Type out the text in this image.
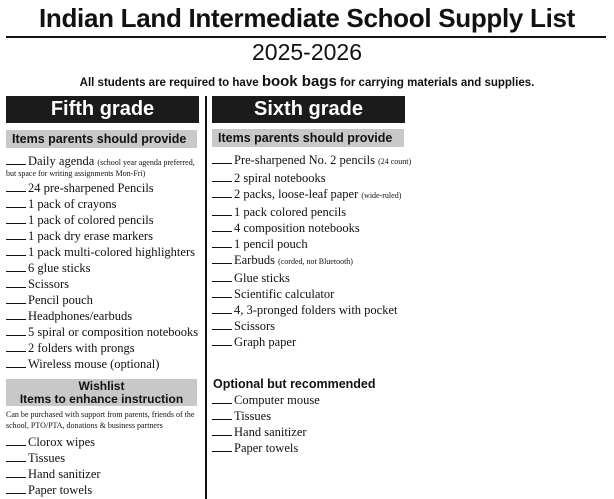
Indian Land Intermediate School Supply List
2025-2026
All students are required to have book bags for carrying materials and supplies.
Fifth grade	Sixth grade
Items parents should provide
Daily agenda (school year agenda preferred, but space for writing assignments Mon-Fri)
24 pre-sharpened Pencils
1 pack of crayons
1 pack of colored pencils
1 pack dry erase markers
1 pack multi-colored highlighters
6 glue sticks
Scissors
Pencil pouch
Headphones/earbuds
5 spiral or composition notebooks
2 folders with prongs
Wireless mouse (optional)
Wishlist
Items to enhance instruction
Can be purchased with support from parents, friends of the school, PTO/PTA, donations & business partners
Clorox wipes
Tissues
Hand sanitizer
Paper towels
Items parents should provide
Pre-sharpened No. 2 pencils (24 count)
2 spiral notebooks
2 packs, loose-leaf paper (wide-ruled)
1 pack colored pencils
4 composition notebooks
1 pencil pouch
Earbuds (corded, not Bluetooth)
Glue sticks
Scientific calculator
4, 3-pronged folders with pocket
Scissors
Graph paper
Optional but recommended
Computer mouse
Tissues
Hand sanitizer
Paper towels
